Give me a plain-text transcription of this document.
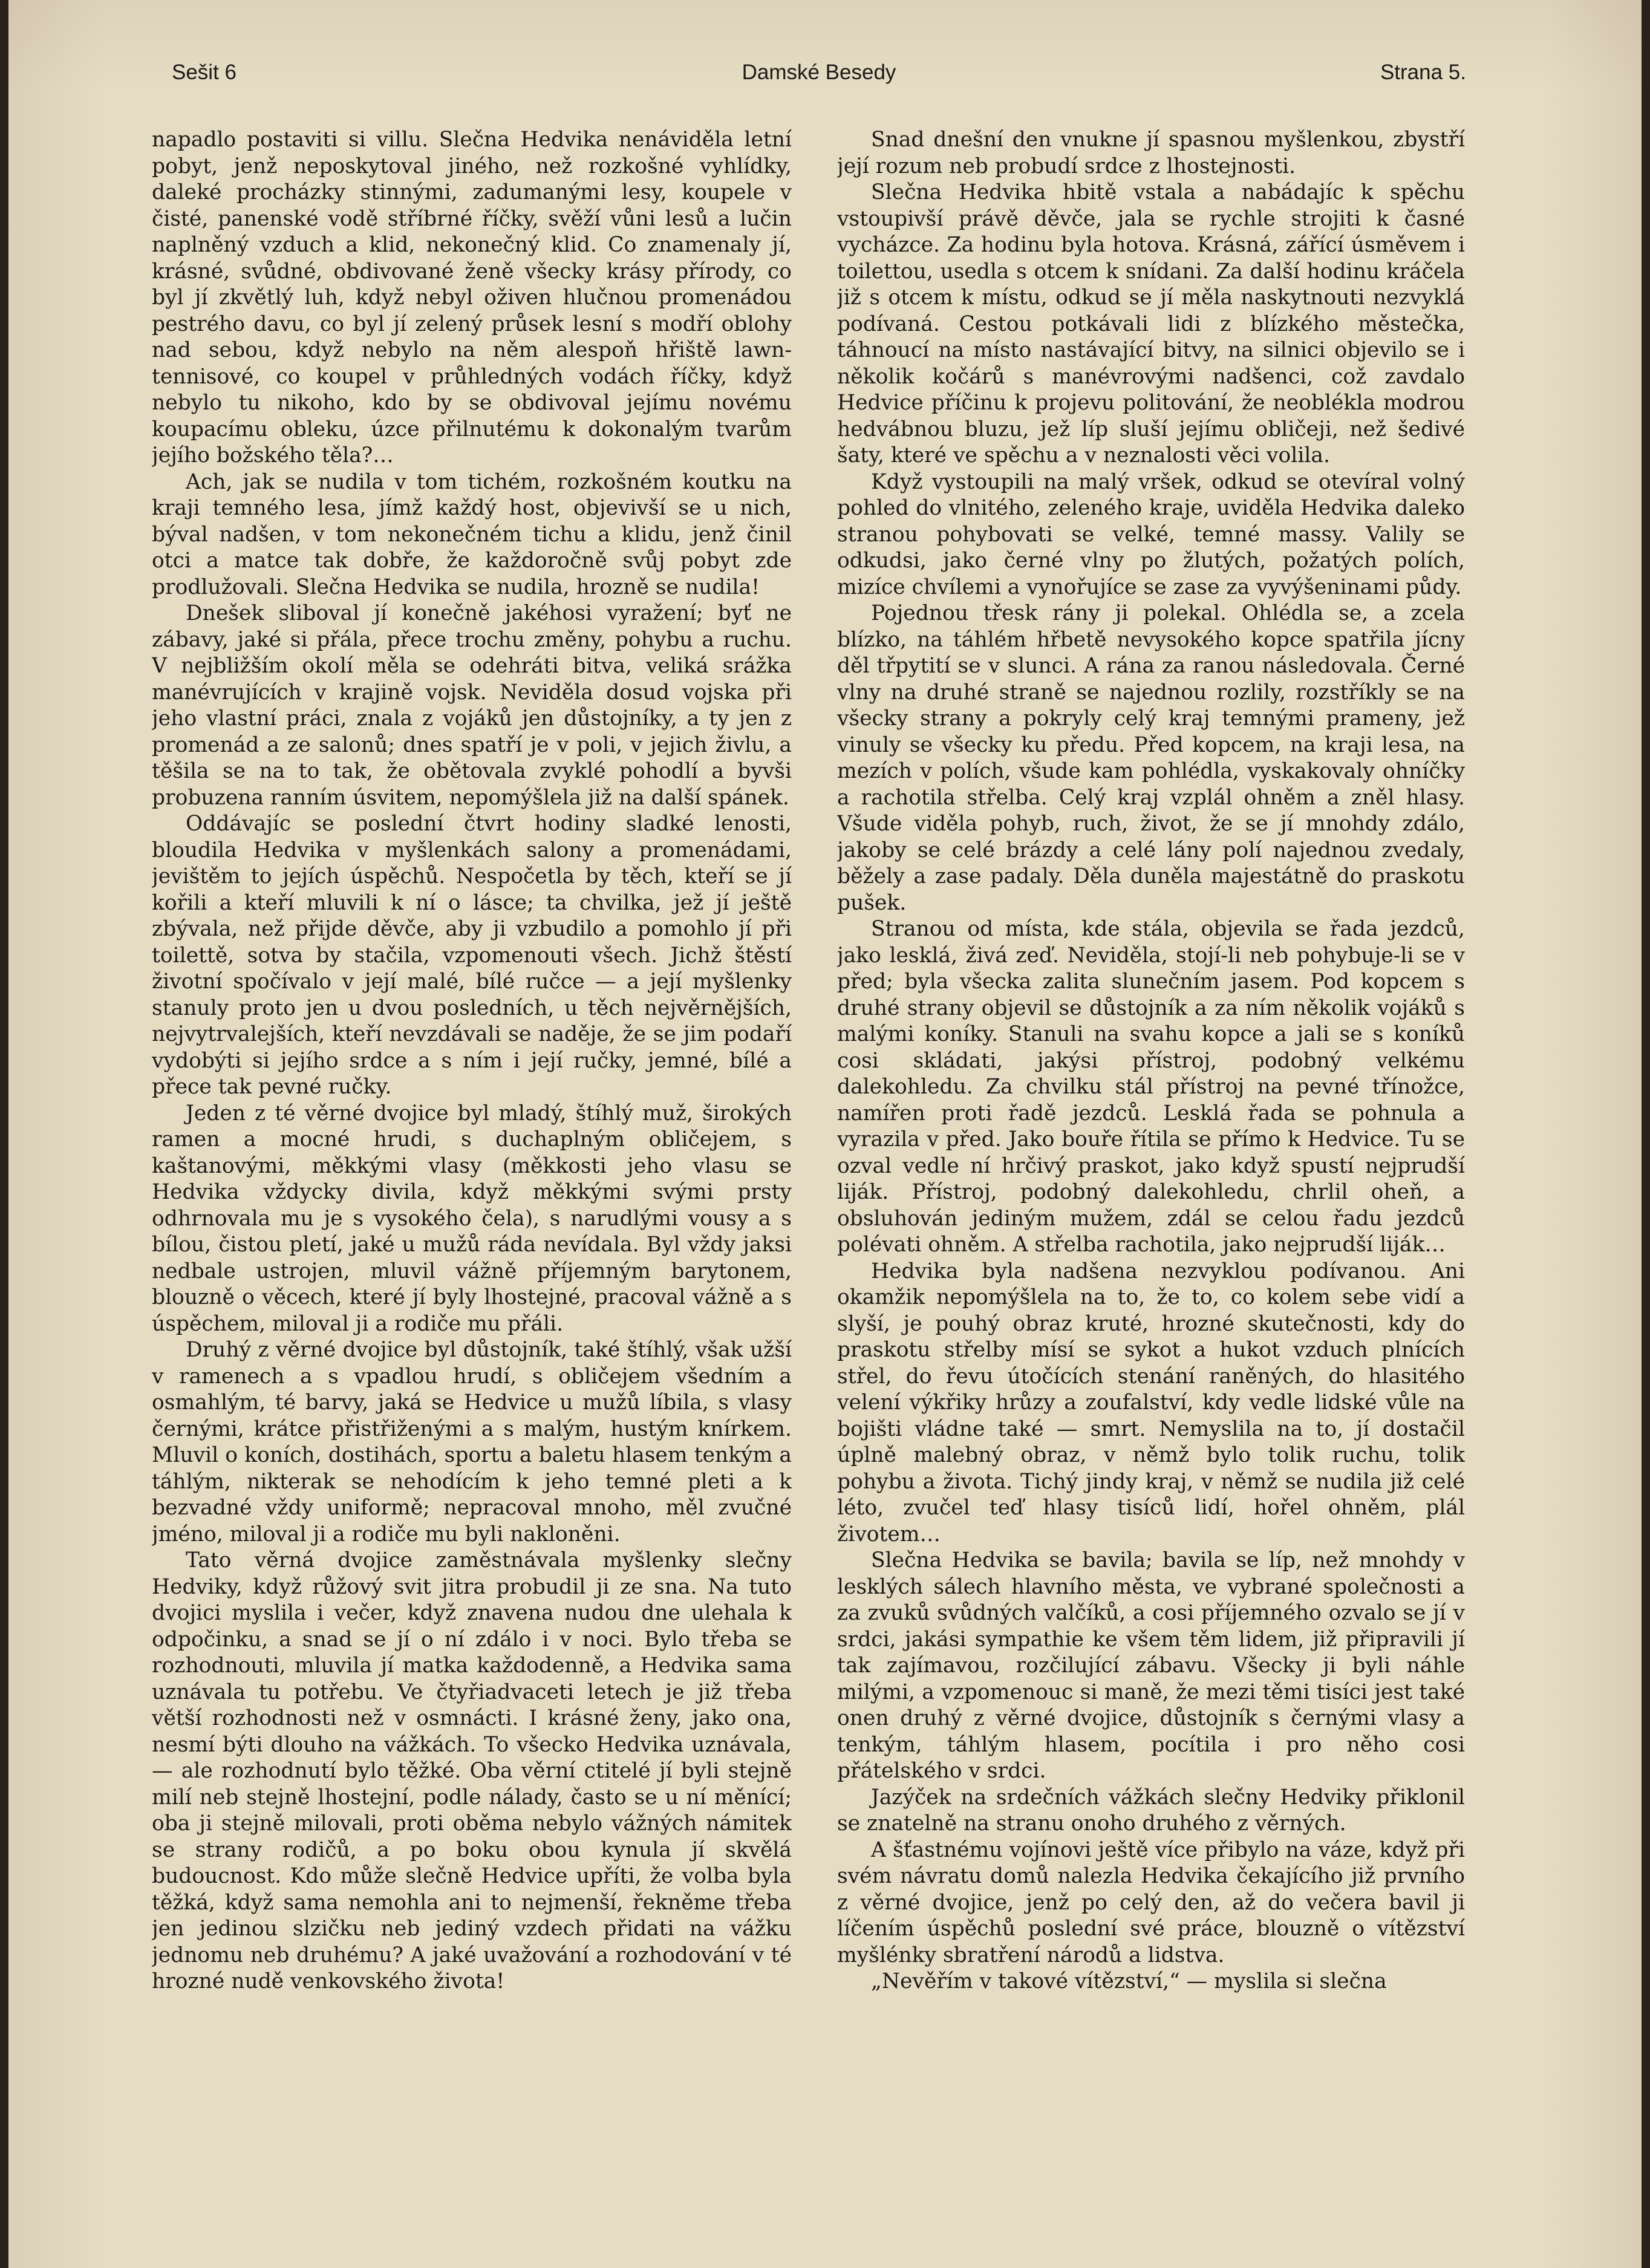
Sešit 6	Damské Besedy	Strana 5.

napadlo postaviti si villu. Slečna Hedvika nenáviděla letní pobyt, jenž neposkytoval jiného, než rozkošné vyhlídky, daleké procházky stinnými, zadumanými lesy, koupele v čisté, panenské vodě stříbrné říčky, svěží vůni lesů a lučin naplněný vzduch a klid, nekonečný klid. Co znamenaly jí, krásné, svůdné, obdivované ženě všecky krásy přírody, co byl jí zkvětlý luh, když nebyl oživen hlučnou promenádou pestrého davu, co byl jí zelený průsek lesní s modří oblohy nad sebou, když nebylo na něm alespoň hřiště lawn-tennisové, co koupel v průhledných vodách říčky, když nebylo tu nikoho, kdo by se obdivoval jejímu novému koupacímu obleku, úzce přilnutému k dokonalým tvarům jejího božského těla?…

Ach, jak se nudila v tom tichém, rozkošném koutku na kraji temného lesa, jímž každý host, objevivší se u nich, býval nadšen, v tom nekonečném tichu a klidu, jenž činil otci a matce tak dobře, že každoročně svůj pobyt zde prodlužovali. Slečna Hedvika se nudila, hrozně se nudila!

Dnešek sliboval jí konečně jakéhosi vyražení; byť ne zábavy, jaké si přála, přece trochu změny, pohybu a ruchu. V nejbližším okolí měla se odehráti bitva, veliká srážka manévrujících v krajině vojsk. Neviděla dosud vojska při jeho vlastní práci, znala z vojáků jen důstojníky, a ty jen z promenád a ze salonů; dnes spatří je v poli, v jejich živlu, a těšila se na to tak, že obětovala zvyklé pohodlí a byvši probuzena ranním úsvitem, nepomýšlela již na další spánek.

Oddávajíc se poslední čtvrt hodiny sladké lenosti, bloudila Hedvika v myšlenkách salony a promenádami, jevištěm to jejích úspěchů. Nespočetla by těch, kteří se jí kořili a kteří mluvili k ní o lásce; ta chvilka, jež jí ještě zbývala, než přijde děvče, aby ji vzbudilo a pomohlo jí při toilettě, sotva by stačila, vzpomenouti všech. Jichž štěstí životní spočívalo v její malé, bílé ručce — a její myšlenky stanuly proto jen u dvou posledních, u těch nejvěrnějších, nejvytrvalejších, kteří nevzdávali se naděje, že se jim podaří vydobýti si jejího srdce a s ním i její ručky, jemné, bílé a přece tak pevné ručky.

Jeden z té věrné dvojice byl mladý, štíhlý muž, širokých ramen a mocné hrudi, s duchaplným obličejem, s kaštanovými, měkkými vlasy (měkkosti jeho vlasu se Hedvika vždycky divila, když měkkými svými prsty odhrnovala mu je s vysokého čela), s narudlými vousy a s bílou, čistou pletí, jaké u mužů ráda nevídala. Byl vždy jaksi nedbale ustrojen, mluvil vážně příjemným barytonem, blouzně o věcech, které jí byly lhostejné, pracoval vážně a s úspěchem, miloval ji a rodiče mu přáli.

Druhý z věrné dvojice byl důstojník, také štíhlý, však užší v ramenech a s vpadlou hrudí, s obličejem všedním a osmahlým, té barvy, jaká se Hedvice u mužů líbila, s vlasy černými, krátce přistřiženými a s malým, hustým knírkem. Mluvil o koních, dostihách, sportu a baletu hlasem tenkým a táhlým, nikterak se nehodícím k jeho temné pleti a k bezvadné vždy uniformě; nepracoval mnoho, měl zvučné jméno, miloval ji a rodiče mu byli nakloněni.

Tato věrná dvojice zaměstnávala myšlenky slečny Hedviky, když růžový svit jitra probudil ji ze sna. Na tuto dvojici myslila i večer, když znavena nudou dne ulehala k odpočinku, a snad se jí o ní zdálo i v noci. Bylo třeba se rozhodnouti, mluvila jí matka každodenně, a Hedvika sama uznávala tu potřebu. Ve čtyřiadvaceti letech je již třeba větší rozhodnosti než v osmnácti. I krásné ženy, jako ona, nesmí býti dlouho na vážkách. To všecko Hedvika uznávala, — ale rozhodnutí bylo těžké. Oba věrní ctitelé jí byli stejně milí neb stejně lhostejní, podle nálady, často se u ní měnící; oba ji stejně milovali, proti oběma nebylo vážných námitek se strany rodičů, a po boku obou kynula jí skvělá budoucnost. Kdo může slečně Hedvice upříti, že volba byla těžká, když sama nemohla ani to nejmenší, řekněme třeba jen jedinou slzičku neb jediný vzdech přidati na vážku jednomu neb druhému? A jaké uvažování a rozhodování v té hrozné nudě venkovského života!

Snad dnešní den vnukne jí spasnou myšlenkou, zbystří její rozum neb probudí srdce z lhostejnosti.

Slečna Hedvika hbitě vstala a nabádajíc k spěchu vstoupivší právě děvče, jala se rychle strojiti k časné vycházce. Za hodinu byla hotova. Krásná, zářící úsměvem i toilettou, usedla s otcem k snídani. Za další hodinu kráčela již s otcem k místu, odkud se jí měla naskytnouti nezvyklá podívaná. Cestou potkávali lidi z blízkého městečka, táhnoucí na místo nastávající bitvy, na silnici objevilo se i několik kočárů s manévrovými nadšenci, což zavdalo Hedvice příčinu k projevu politování, že neoblékla modrou hedvábnou bluzu, jež líp sluší jejímu obličeji, než šedivé šaty, které ve spěchu a v neznalosti věci volila.

Když vystoupili na malý vršek, odkud se otevíral volný pohled do vlnitého, zeleného kraje, uviděla Hedvika daleko stranou pohybovati se velké, temné massy. Valily se odkudsi, jako černé vlny po žlutých, požatých polích, mizíce chvílemi a vynořujíce se zase za vyvýšeninami půdy.

Pojednou třesk rány ji polekal. Ohlédla se, a zcela blízko, na táhlém hřbetě nevysokého kopce spatřila jícny děl třpytití se v slunci. A rána za ranou následovala. Černé vlny na druhé straně se najednou rozlily, rozstříkly se na všecky strany a pokryly celý kraj temnými prameny, jež vinuly se všecky ku předu. Před kopcem, na kraji lesa, na mezích v polích, všude kam pohlédla, vyskakovaly ohníčky a rachotila střelba. Celý kraj vzplál ohněm a zněl hlasy. Všude viděla pohyb, ruch, život, že se jí mnohdy zdálo, jakoby se celé brázdy a celé lány polí najednou zvedaly, běžely a zase padaly. Děla duněla majestátně do praskotu pušek.

Stranou od místa, kde stála, objevila se řada jezdců, jako lesklá, živá zeď. Neviděla, stojí-li neb pohybuje-li se v před; byla všecka zalita slunečním jasem. Pod kopcem s druhé strany objevil se důstojník a za ním několik vojáků s malými koníky. Stanuli na svahu kopce a jali se s koníků cosi skládati, jakýsi přístroj, podobný velkému dalekohledu. Za chvilku stál přístroj na pevné třínožce, namířen proti řadě jezdců. Lesklá řada se pohnula a vyrazila v před. Jako bouře řítila se přímo k Hedvice. Tu se ozval vedle ní hrčivý praskot, jako když spustí nejprudší liják. Přístroj, podobný dalekohledu, chrlil oheň, a obsluhován jediným mužem, zdál se celou řadu jezdců polévati ohněm. A střelba rachotila, jako nejprudší liják…

Hedvika byla nadšena nezvyklou podívanou. Ani okamžik nepomýšlela na to, že to, co kolem sebe vidí a slyší, je pouhý obraz kruté, hrozné skutečnosti, kdy do praskotu střelby mísí se sykot a hukot vzduch plnících střel, do řevu útočících stenání raněných, do hlasitého velení výkřiky hrůzy a zoufalství, kdy vedle lidské vůle na bojišti vládne také — smrt. Nemyslila na to, jí dostačil úplně malebný obraz, v němž bylo tolik ruchu, tolik pohybu a života. Tichý jindy kraj, v němž se nudila již celé léto, zvučel teď hlasy tisíců lidí, hořel ohněm, plál životem…

Slečna Hedvika se bavila; bavila se líp, než mnohdy v lesklých sálech hlavního města, ve vybrané společnosti a za zvuků svůdných valčíků, a cosi příjemného ozvalo se jí v srdci, jakási sympathie ke všem těm lidem, již připravili jí tak zajímavou, rozčilující zábavu. Všecky ji byli náhle milými, a vzpomenouc si maně, že mezi těmi tisíci jest také onen druhý z věrné dvojice, důstojník s černými vlasy a tenkým, táhlým hlasem, pocítila i pro něho cosi přátelského v srdci.

Jazýček na srdečních vážkách slečny Hedviky přiklonil se znatelně na stranu onoho druhého z věrných.

A šťastnému vojínovi ještě více přibylo na váze, když při svém návratu domů nalezla Hedvika čekajícího již prvního z věrné dvojice, jenž po celý den, až do večera bavil ji líčením úspěchů poslední své práce, blouzně o vítězství myšlénky sbratření národů a lidstva.

„Nevěřím v takové vítězství,“ — myslila si slečna
